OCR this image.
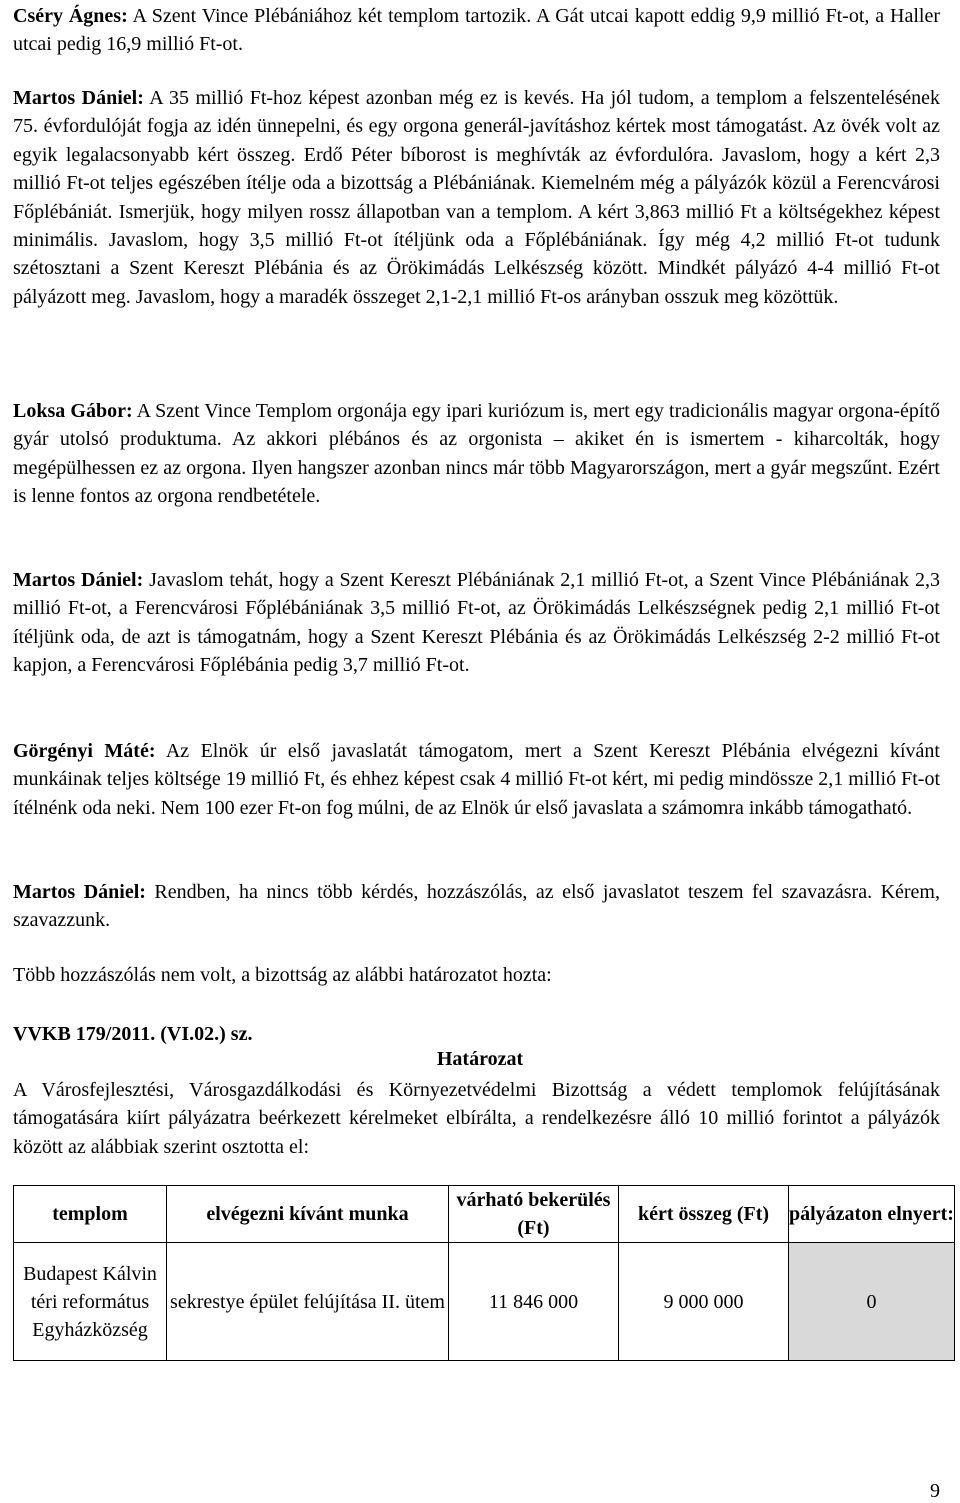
Cséry Ágnes: A Szent Vince Plébániához két templom tartozik. A Gát utcai kapott eddig 9,9 millió Ft-ot, a Haller utcai pedig 16,9 millió Ft-ot.

Martos Dániel: A 35 millió Ft-hoz képest azonban még ez is kevés. Ha jól tudom, a templom a felszentelésének 75. évfordulóját fogja az idén ünnepelni, és egy orgona generál-javításhoz kértek most támogatást. Az övék volt az egyik legalacsonyabb kért összeg. Erdő Péter bíborost is meghívták az évfordulóra. Javaslom, hogy a kért 2,3 millió Ft-ot teljes egészében ítélje oda a bizottság a Plébániának. Kiemelném még a pályázók közül a Ferencvárosi Főplébániát. Ismerjük, hogy milyen rossz állapotban van a templom. A kért 3,863 millió Ft a költségekhez képest minimális. Javaslom, hogy 3,5 millió Ft-ot ítéljünk oda a Főplébániának. Így még 4,2 millió Ft-ot tudunk szétosztani a Szent Kereszt Plébánia és az Örökimádás Lelkészség között. Mindkét pályázó 4-4 millió Ft-ot pályázott meg. Javaslom, hogy a maradék összeget 2,1-2,1 millió Ft-os arányban osszuk meg közöttük.

Loksa Gábor: A Szent Vince Templom orgonája egy ipari kuriózum is, mert egy tradicionális magyar orgona-építő gyár utolsó produktuma. Az akkori plébános és az orgonista – akiket én is ismertem - kiharcolták, hogy megépülhessen ez az orgona. Ilyen hangszer azonban nincs már több Magyarországon, mert a gyár megszűnt. Ezért is lenne fontos az orgona rendbetétele.

Martos Dániel: Javaslom tehát, hogy a Szent Kereszt Plébániának 2,1 millió Ft-ot, a Szent Vince Plébániának 2,3 millió Ft-ot, a Ferencvárosi Főplébániának 3,5 millió Ft-ot, az Örökimádás Lelkészségnek pedig 2,1 millió Ft-ot ítéljünk oda, de azt is támogatnám, hogy a Szent Kereszt Plébánia és az Örökimádás Lelkészség 2-2 millió Ft-ot kapjon, a Ferencvárosi Főplébánia pedig 3,7 millió Ft-ot.

Görgényi Máté: Az Elnök úr első javaslatát támogatom, mert a Szent Kereszt Plébánia elvégezni kívánt munkáinak teljes költsége 19 millió Ft, és ehhez képest csak 4 millió Ft-ot kért, mi pedig mindössze 2,1 millió Ft-ot ítélnénk oda neki. Nem 100 ezer Ft-on fog múlni, de az Elnök úr első javaslata a számomra inkább támogatható.

Martos Dániel: Rendben, ha nincs több kérdés, hozzászólás, az első javaslatot teszem fel szavazásra. Kérem, szavazzunk.

Több hozzászólás nem volt, a bizottság az alábbi határozatot hozta:

VVKB 179/2011. (VI.02.) sz.

Határozat

A Városfejlesztési, Városgazdálkodási és Környezetvédelmi Bizottság a védett templomok felújításának támogatására kiírt pályázatra beérkezett kérelmeket elbírálta, a rendelkezésre álló 10 millió forintot a pályázók között az alábbiak szerint osztotta el:

templom	elvégezni kívánt munka	várható bekerülés (Ft)	kért összeg (Ft)	pályázaton elnyert:
Budapest Kálvin téri református Egyházközség	sekrestye épület felújítása II. ütem	11 846 000	9 000 000	0

9
